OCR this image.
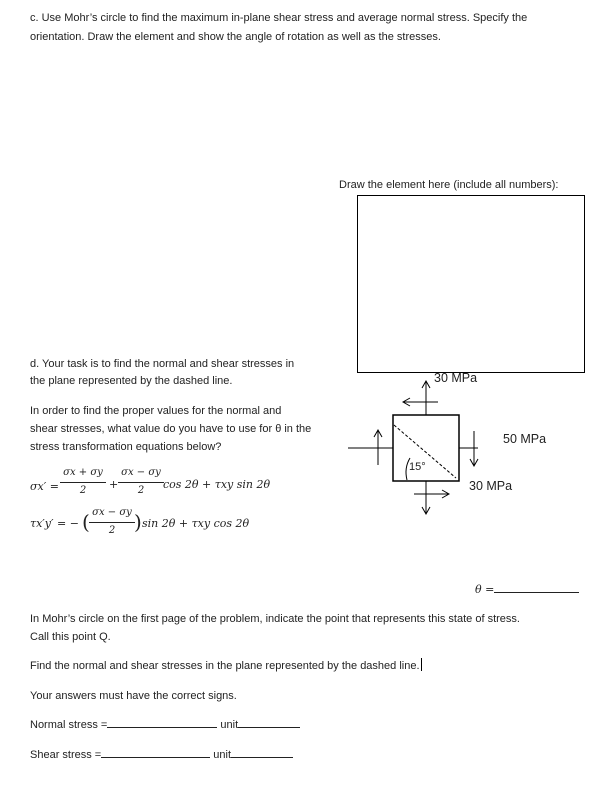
c. Use Mohr’s circle to find the maximum in-plane shear stress and average normal stress. Specify the
orientation. Draw the element and show the angle of rotation as well as the stresses.
Draw the element here (include all numbers):
d. Your task is to find the normal and shear stresses in
the plane represented by the dashed line.
In order to find the proper values for the normal and
shear stresses, what value do you have to use for θ in the
stress transformation equations below?
σx′ =
σx + σy
2	+
σx − σy
2	cos 2θ + τxy sin 2θ
τx′y′ = − ( σx − σy
2 ) sin 2θ + τxy cos 2θ
15°
30 MPa
50 MPa
30 MPa
θ =
In Mohr’s circle on the first page of the problem, indicate the point that represents this state of stress.
Call this point Q.
Find the normal and shear stresses in the plane represented by the dashed line.
Your answers must have the correct signs.
Normal stress =	unit
Shear stress =	unit
